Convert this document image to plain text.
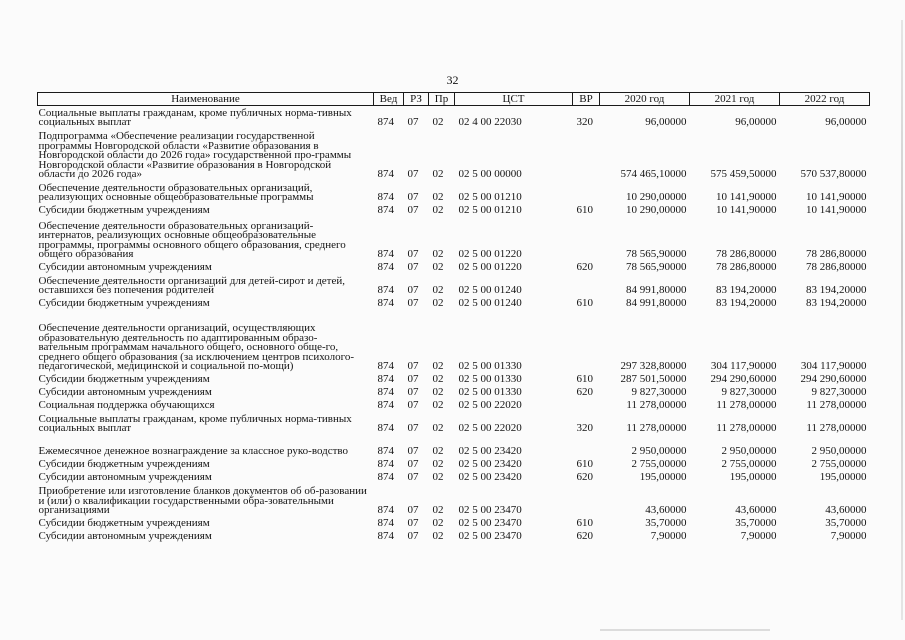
32
Наименование	Вед	РЗ	Пр	ЦСТ	ВР	2020 год	2021 год	2022 год
Социальные выплаты гражданам, кроме публичных норма-тивных социальных выплат	874	07	02	02 4 00 22030	320	96,00000	96,00000	96,00000
Подпрограмма «Обеспечение реализации государственной программы Новгородской области «Развитие образования в Новгородской области до 2026 года» государственной про-граммы Новгородской области «Развитие образования в Новгородской области до 2026 года»	874	07	02	02 5 00 00000		574 465,10000	575 459,50000	570 537,80000
Обеспечение деятельности образовательных организаций, реализующих основные общеобразовательные программы	874	07	02	02 5 00 01210		10 290,00000	10 141,90000	10 141,90000
Субсидии бюджетным учреждениям	874	07	02	02 5 00 01210	610	10 290,00000	10 141,90000	10 141,90000
Обеспечение деятельности образовательных организаций-интернатов, реализующих основные общеобразовательные программы, программы основного общего образования, среднего общего образования	874	07	02	02 5 00 01220		78 565,90000	78 286,80000	78 286,80000
Субсидии автономным учреждениям	874	07	02	02 5 00 01220	620	78 565,90000	78 286,80000	78 286,80000
Обеспечение деятельности организаций для детей-сирот и детей, оставшихся без попечения родителей	874	07	02	02 5 00 01240		84 991,80000	83 194,20000	83 194,20000
Субсидии бюджетным учреждениям	874	07	02	02 5 00 01240	610	84 991,80000	83 194,20000	83 194,20000
Обеспечение деятельности организаций, осуществляющих образовательную деятельность по адаптированным образо-вательным программам начального общего, основного обще-го, среднего общего образования (за исключением центров психолого-педагогической, медицинской и социальной по-мощи)	874	07	02	02 5 00 01330		297 328,80000	304 117,90000	304 117,90000
Субсидии бюджетным учреждениям	874	07	02	02 5 00 01330	610	287 501,50000	294 290,60000	294 290,60000
Субсидии автономным учреждениям	874	07	02	02 5 00 01330	620	9 827,30000	9 827,30000	9 827,30000
Социальная поддержка обучающихся	874	07	02	02 5 00 22020		11 278,00000	11 278,00000	11 278,00000
Социальные выплаты гражданам, кроме публичных норма-тивных социальных выплат	874	07	02	02 5 00 22020	320	11 278,00000	11 278,00000	11 278,00000
Ежемесячное денежное вознаграждение за классное руко-водство	874	07	02	02 5 00 23420		2 950,00000	2 950,00000	2 950,00000
Субсидии бюджетным учреждениям	874	07	02	02 5 00 23420	610	2 755,00000	2 755,00000	2 755,00000
Субсидии автономным учреждениям	874	07	02	02 5 00 23420	620	195,00000	195,00000	195,00000
Приобретение или изготовление бланков документов об об-разовании и (или) о квалификации государственными обра-зовательными организациями	874	07	02	02 5 00 23470		43,60000	43,60000	43,60000
Субсидии бюджетным учреждениям	874	07	02	02 5 00 23470	610	35,70000	35,70000	35,70000
Субсидии автономным учреждениям	874	07	02	02 5 00 23470	620	7,90000	7,90000	7,90000
